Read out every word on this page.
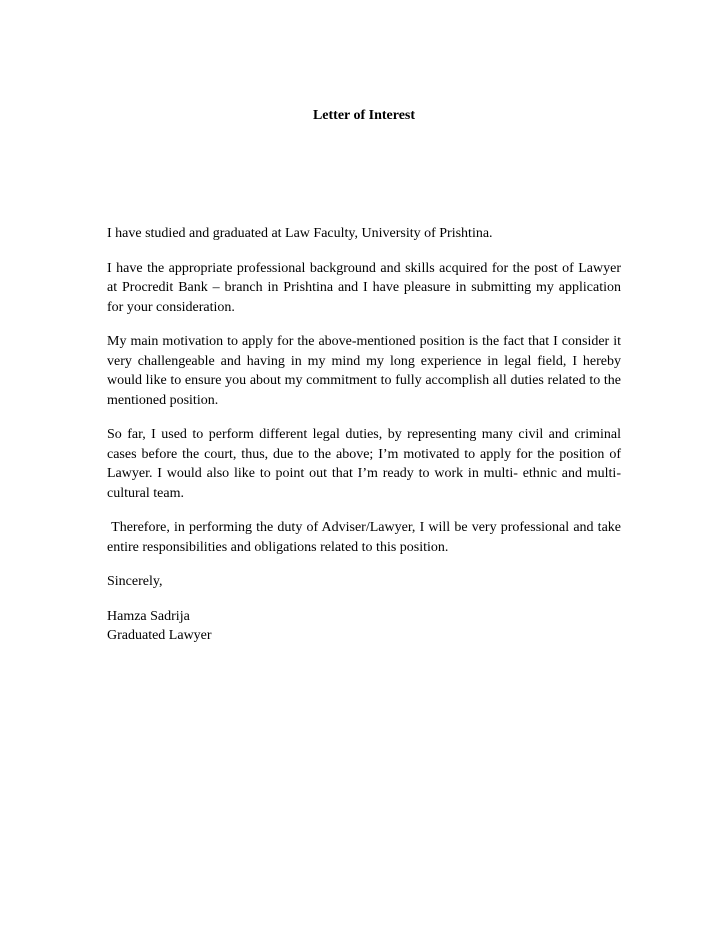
Letter of Interest

I have studied and graduated at Law Faculty, University of Prishtina.

I have the appropriate professional background and skills acquired for the post of Lawyer at Procredit Bank – branch in Prishtina and I have pleasure in submitting my application for your consideration.

My main motivation to apply for the above-mentioned position is the fact that I consider it very challengeable and having in my mind my long experience in legal field, I hereby would like to ensure you about my commitment to fully accomplish all duties related to the mentioned position.

So far, I used to perform different legal duties, by representing many civil and criminal cases before the court, thus, due to the above; I’m motivated to apply for the position of Lawyer. I would also like to point out that I’m ready to work in multi- ethnic and multi-cultural team.

Therefore, in performing the duty of Adviser/Lawyer, I will be very professional and take entire responsibilities and obligations related to this position.

Sincerely,

Hamza Sadrija

Graduated Lawyer
